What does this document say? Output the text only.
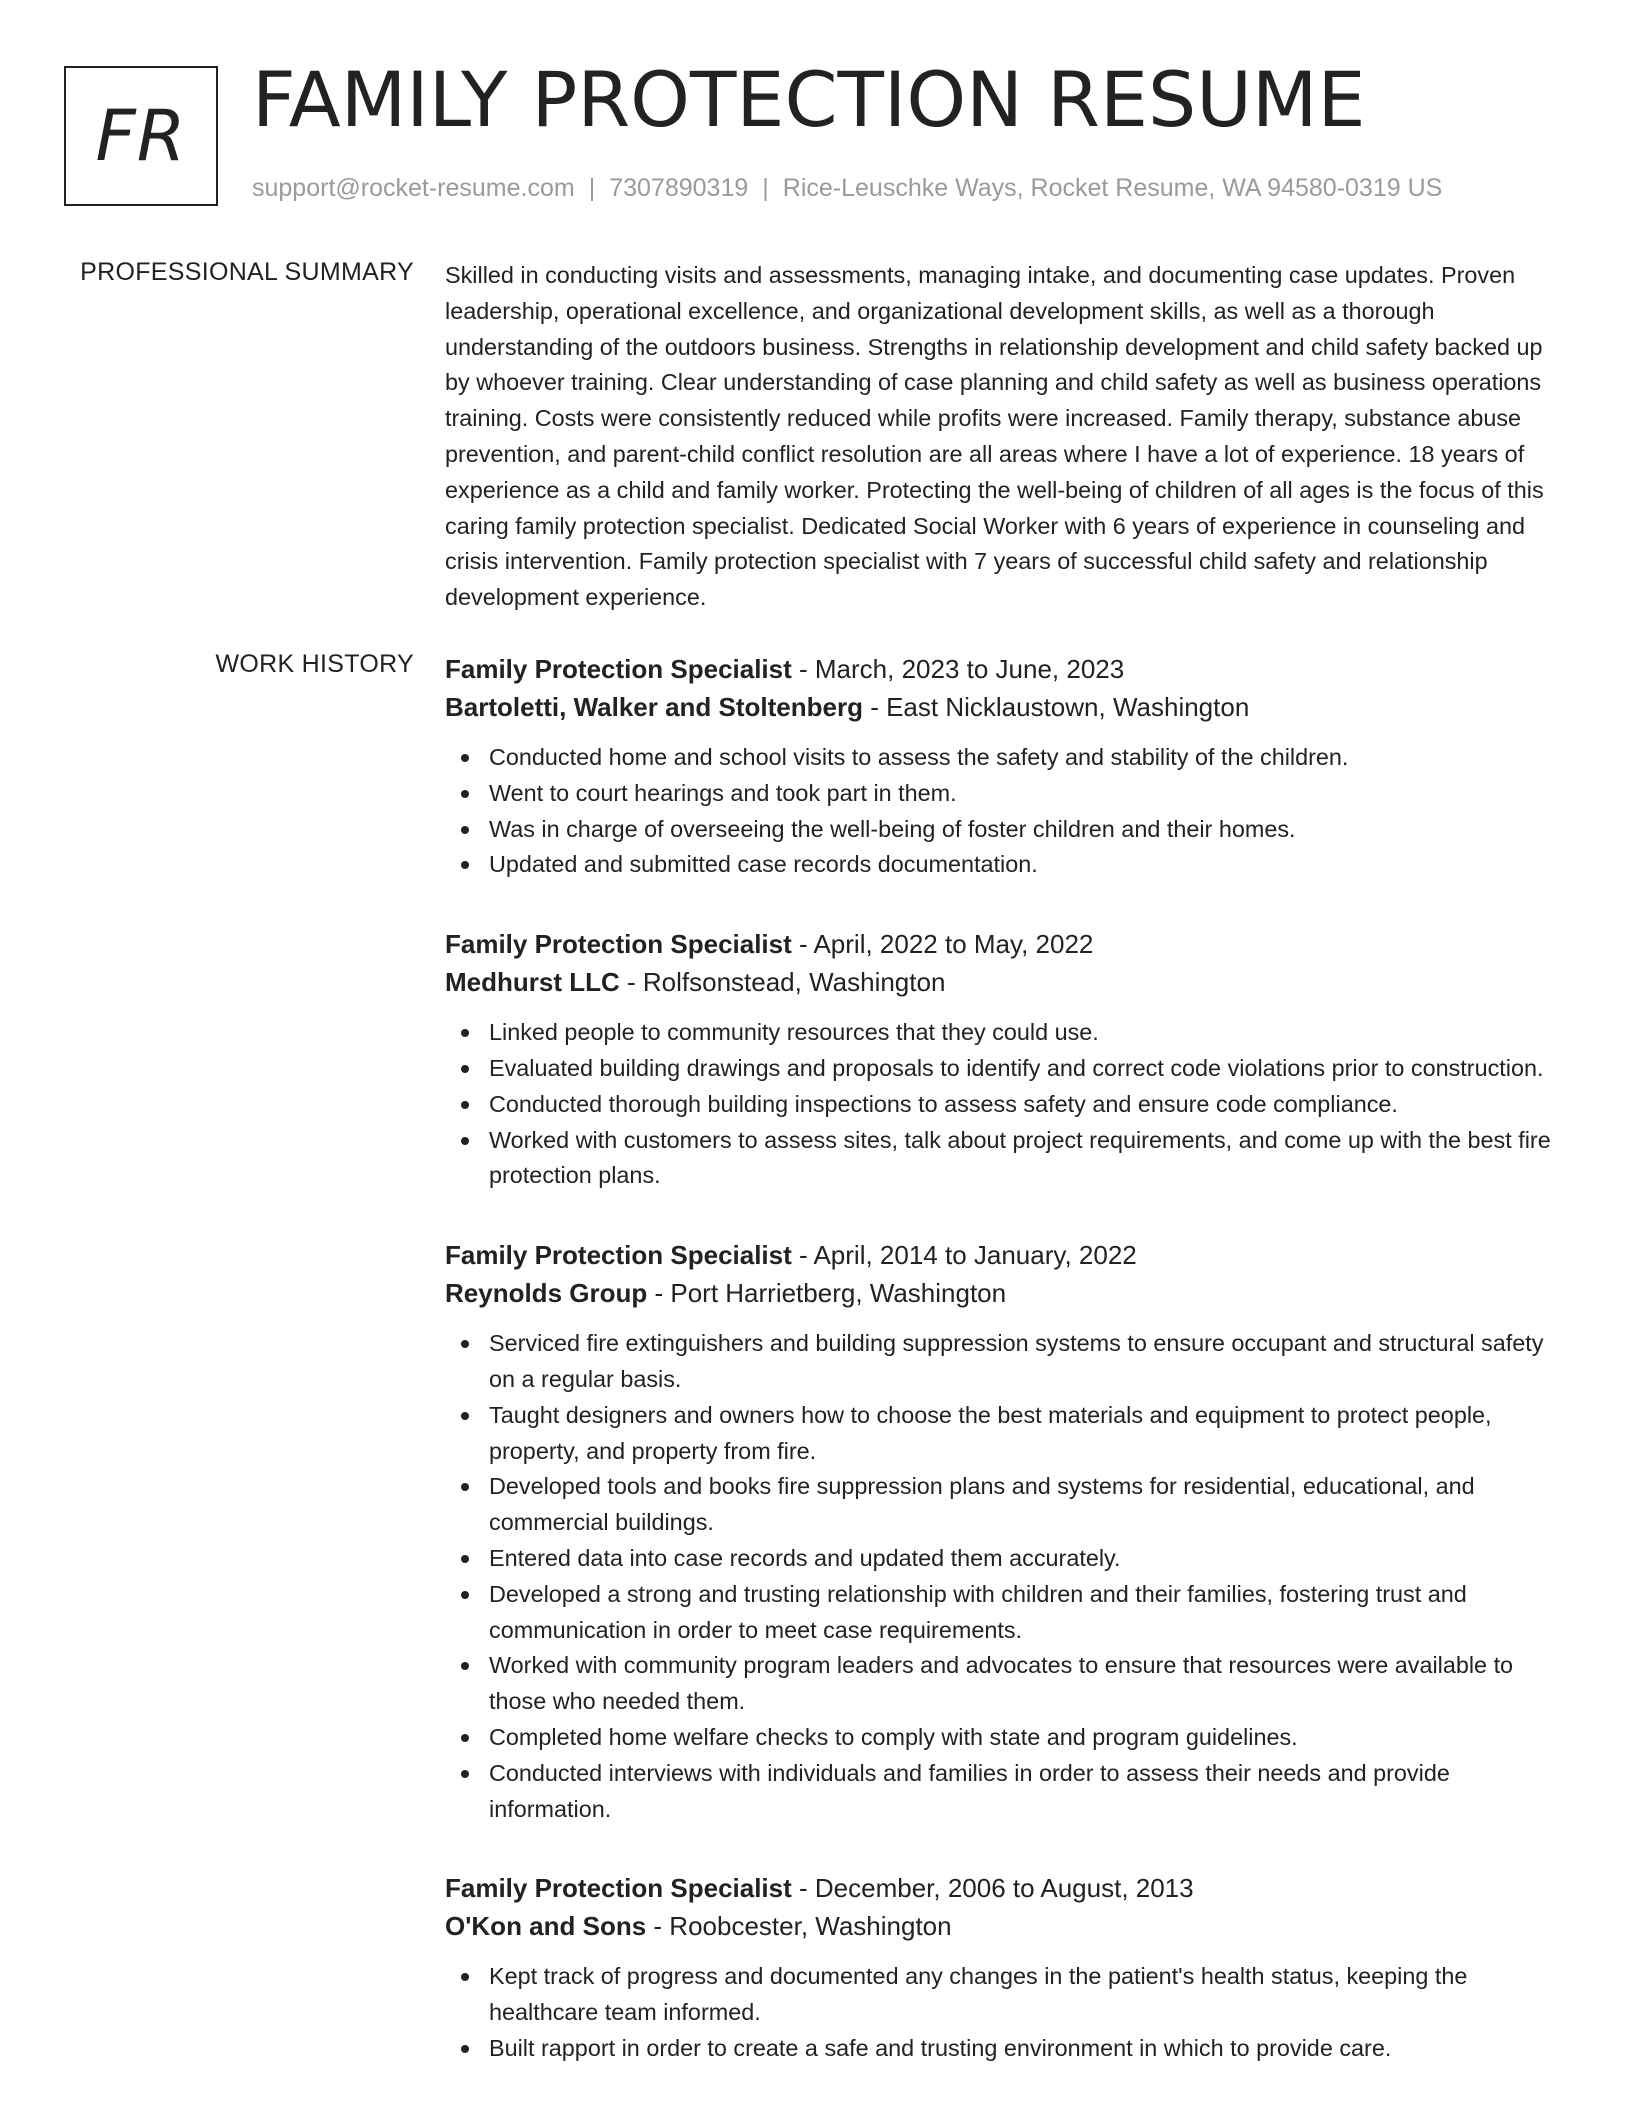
FR FAMILY PROTECTION RESUME
support@rocket-resume.com | 7307890319 | Rice-Leuschke Ways, Rocket Resume, WA 94580-0319 US
PROFESSIONAL SUMMARY Skilled in conducting visits and assessments, managing intake, and documenting case updates. Proven leadership, operational excellence, and organizational development skills, as well as a thorough understanding of the outdoors business. Strengths in relationship development and child safety backed up by whoever training. Clear understanding of case planning and child safety as well as business operations training. Costs were consistently reduced while profits were increased. Family therapy, substance abuse prevention, and parent-child conflict resolution are all areas where I have a lot of experience. 18 years of experience as a child and family worker. Protecting the well-being of children of all ages is the focus of this caring family protection specialist. Dedicated Social Worker with 6 years of experience in counseling and crisis intervention. Family protection specialist with 7 years of successful child safety and relationship development experience.

WORK HISTORY Family Protection Specialist - March, 2023 to June, 2023
Bartoletti, Walker and Stoltenberg - East Nicklaustown, Washington
Conducted home and school visits to assess the safety and stability of the children.
Went to court hearings and took part in them.
Was in charge of overseeing the well-being of foster children and their homes.
Updated and submitted case records documentation.
Family Protection Specialist - April, 2022 to May, 2022
Medhurst LLC - Rolfsonstead, Washington
Linked people to community resources that they could use.
Evaluated building drawings and proposals to identify and correct code violations prior to construction.
Conducted thorough building inspections to assess safety and ensure code compliance.
Worked with customers to assess sites, talk about project requirements, and come up with the best fire protection plans.
Family Protection Specialist - April, 2014 to January, 2022
Reynolds Group - Port Harrietberg, Washington
Serviced fire extinguishers and building suppression systems to ensure occupant and structural safety on a regular basis.
Taught designers and owners how to choose the best materials and equipment to protect people, property, and property from fire.
Developed tools and books fire suppression plans and systems for residential, educational, and commercial buildings.
Entered data into case records and updated them accurately.
Developed a strong and trusting relationship with children and their families, fostering trust and communication in order to meet case requirements.
Worked with community program leaders and advocates to ensure that resources were available to those who needed them.
Completed home welfare checks to comply with state and program guidelines.
Conducted interviews with individuals and families in order to assess their needs and provide information.
Family Protection Specialist - December, 2006 to August, 2013
O'Kon and Sons - Roobcester, Washington
Kept track of progress and documented any changes in the patient's health status, keeping the healthcare team informed.
Built rapport in order to create a safe and trusting environment in which to provide care.
